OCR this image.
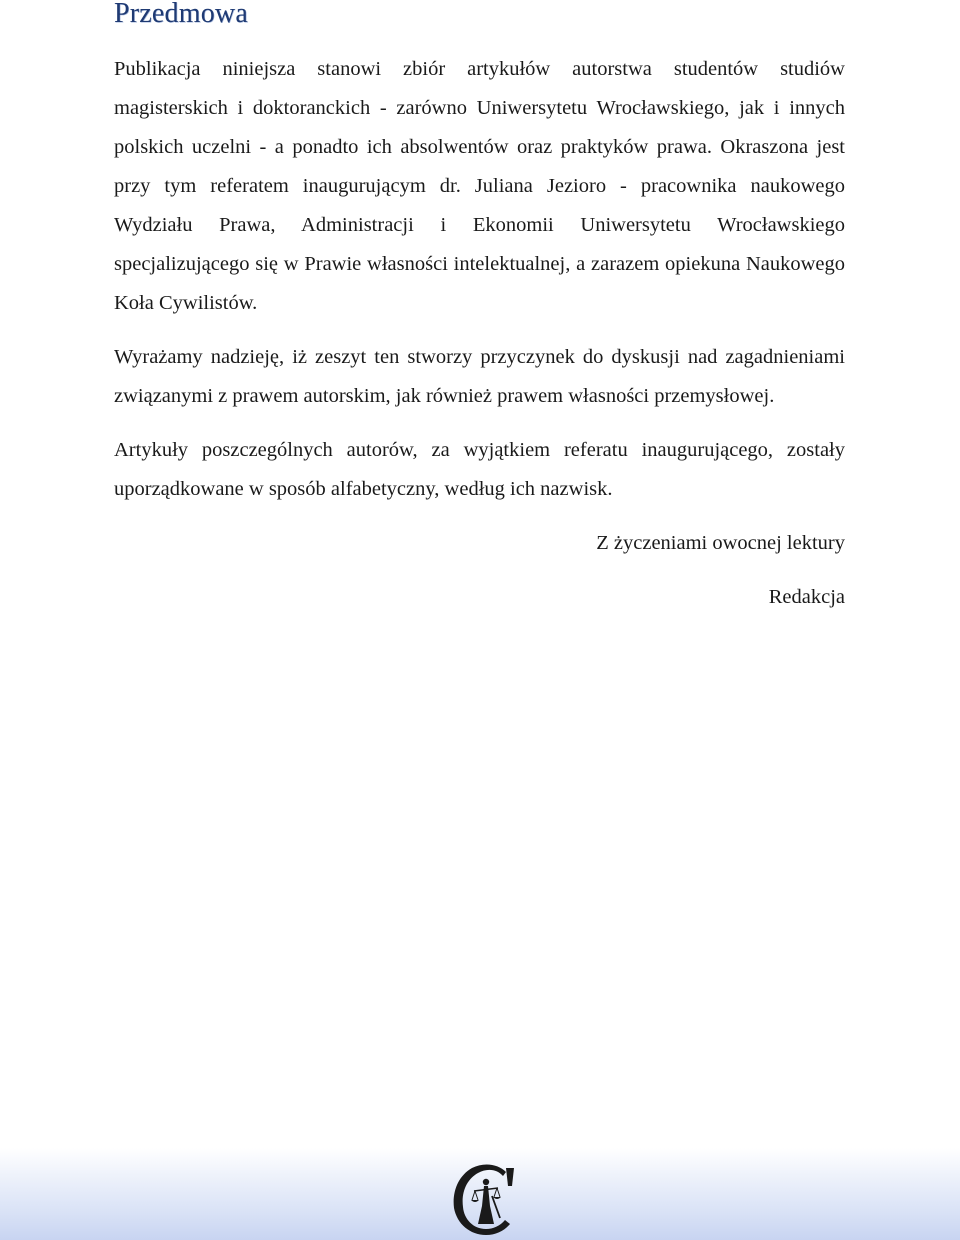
Przedmowa

Publikacja niniejsza stanowi zbiór artykułów autorstwa studentów studiów magisterskich i doktoranckich - zarówno Uniwersytetu Wrocławskiego, jak i innych polskich uczelni - a ponadto ich absolwentów oraz praktyków prawa. Okraszona jest przy tym referatem inaugurującym dr. Juliana Jezioro - pracownika naukowego Wydziału Prawa, Administracji i Ekonomii Uniwersytetu Wrocławskiego specjalizującego się w Prawie własności intelektualnej, a zarazem opiekuna Naukowego Koła Cywilistów.

Wyrażamy nadzieję, iż zeszyt ten stworzy przyczynek do dyskusji nad zagadnieniami związanymi z prawem autorskim, jak również prawem własności przemysłowej.

Artykuły poszczególnych autorów, za wyjątkiem referatu inaugurującego, zostały uporządkowane w sposób alfabetyczny, według ich nazwisk.

Z życzeniami owocnej lektury

Redakcja
